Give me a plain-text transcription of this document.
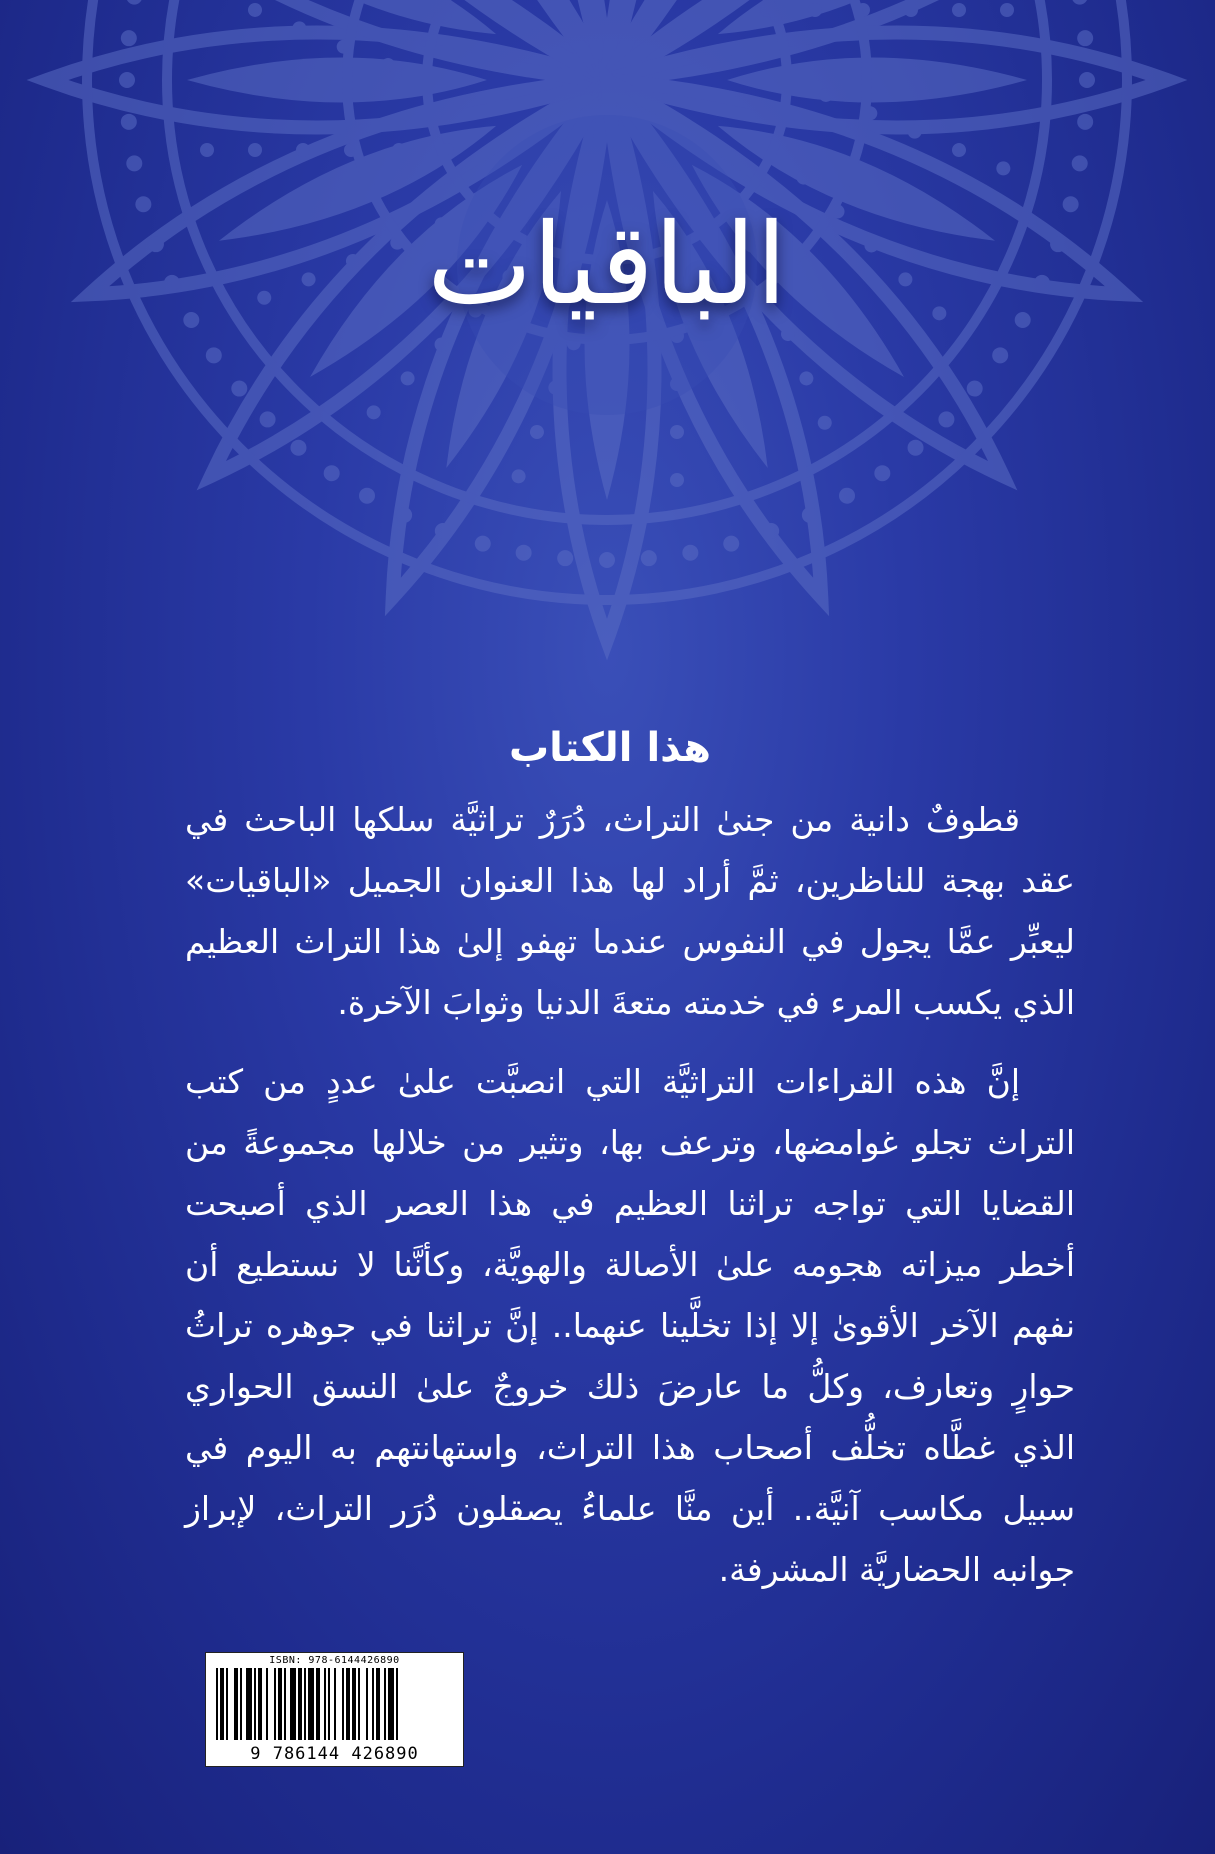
الباقيات
هذا الكتاب

قطوفٌ دانية من جنىٰ التراث، دُرَرٌ تراثيَّة سلكها الباحث في عقد بهجة للناظرين، ثمَّ أراد لها هذا العنوان الجميل «الباقيات» ليعبِّر عمَّا يجول في النفوس عندما تهفو إلىٰ هذا التراث العظيم الذي يكسب المرء في خدمته متعةَ الدنيا وثوابَ الآخرة.

إنَّ هذه القراءات التراثيَّة التي انصبَّت علىٰ عددٍ من كتب التراث تجلو غوامضها، وترعف بها، وتثير من خلالها مجموعةً من القضايا التي تواجه تراثنا العظيم في هذا العصر الذي أصبحت أخطر ميزاته هجومه علىٰ الأصالة والهويَّة، وكأنَّنا لا نستطيع أن نفهم الآخر الأقوىٰ إلا إذا تخلَّينا عنهما.. إنَّ تراثنا في جوهره تراثُ حوارٍ وتعارف، وكلُّ ما عارضَ ذلك خروجٌ علىٰ النسق الحواري الذي غطَّاه تخلُّف أصحاب هذا التراث، واستهانتهم به اليوم في سبيل مكاسب آنيَّة.. أين منَّا علماءُ يصقلون دُرَر التراث، لإبراز جوانبه الحضاريَّة المشرفة.

ISBN: 978-6144426890
9 786144 426890
